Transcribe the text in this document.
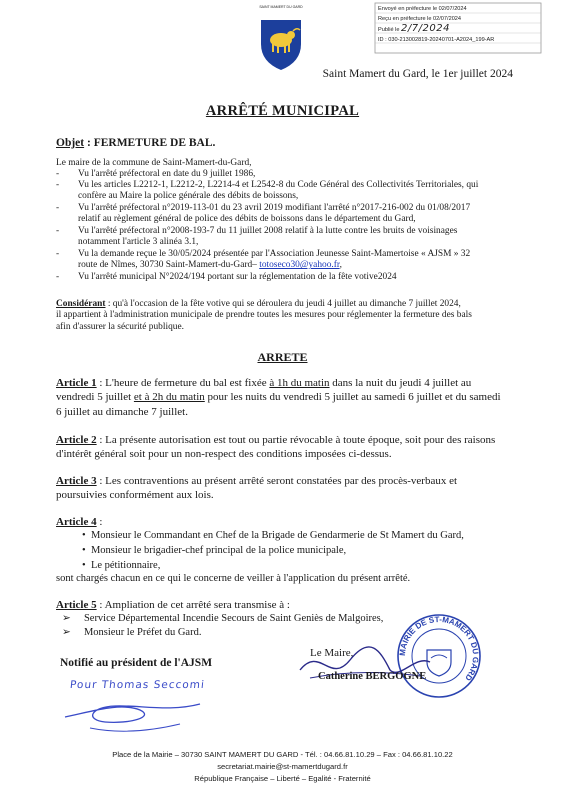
Envoyé en préfecture le 02/07/2024
Reçu en préfecture le 02/07/2024
Publié le 2/7/2024
ID : 030-213002819-20240701-A2024_199-AR
SAINT MAMERT DU GARD
Saint Mamert du Gard, le 1er juillet 2024
ARRÊTÉ MUNICIPAL
Objet : FERMETURE DE BAL.
Le maire de la commune de Saint-Mamert-du-Gard,
- Vu l'arrêté préfectoral en date du 9 juillet 1986,
- Vu les articles L2212-1, L2212-2, L2214-4 et L2542-8 du Code Général des Collectivités Territoriales, qui
confère au Maire la police générale des débits de boissons,
- Vu l'arrêté préfectoral n°2019-113-01 du 23 avril 2019 modifiant l'arrêté n°2017-216-002 du 01/08/2017
relatif au règlement général de police des débits de boissons dans le département du Gard,
- Vu l'arrêté préfectoral n°2008-193-7 du 11 juillet 2008 relatif à la lutte contre les bruits de voisinages
notamment l'article 3 alinéa 3.1,
- Vu la demande reçue le 30/05/2024 présentée par l'Association Jeunesse Saint-Mamertoise « AJSM » 32
route de Nîmes, 30730 Saint-Mamert-du-Gard– totoseco30@yahoo.fr,
- Vu l'arrêté municipal N°2024/194 portant sur la réglementation de la fête votive2024
Considérant : qu'à l'occasion de la fête votive qui se déroulera du jeudi 4 juillet au dimanche 7 juillet 2024,
il appartient à l'administration municipale de prendre toutes les mesures pour réglementer la fermeture des bals
afin d'assurer la sécurité publique.
ARRETE
Article 1 : L'heure de fermeture du bal est fixée à 1h du matin dans la nuit du jeudi 4 juillet au
vendredi 5 juillet et à 2h du matin pour les nuits du vendredi 5 juillet au samedi 6 juillet et du samedi
6 juillet au dimanche 7 juillet.
Article 2 : La présente autorisation est tout ou partie révocable à toute époque, soit pour des raisons
d'intérêt général soit pour un non-respect des conditions imposées ci-dessus.
Article 3 : Les contraventions au présent arrêté seront constatées par des procès-verbaux et
poursuivies conformément aux lois.
Article 4 :
•  Monsieur le Commandant en Chef de la Brigade de Gendarmerie de St Mamert du Gard,
•  Monsieur le brigadier-chef principal de la police municipale,
•  Le pétitionnaire,
sont chargés chacun en ce qui le concerne de veiller à l'application du présent arrêté.
Article 5 : Ampliation de cet arrêté sera transmise à :
➢     Service Départemental Incendie Secours de Saint Geniès de Malgoires,
➢     Monsieur le Préfet du Gard.
Le Maire,	MAIRIE DE ST-MAMERT DU GARD
Catherine BERGOGNE
Notifié au président de l'AJSM
Pour Thomas Seccomi
Place de la Mairie – 30730 SAINT MAMERT DU GARD - Tél. : 04.66.81.10.29 – Fax : 04.66.81.10.22
secretariat.mairie@st-mamertdugard.fr
République Française – Liberté – Egalité - Fraternité
